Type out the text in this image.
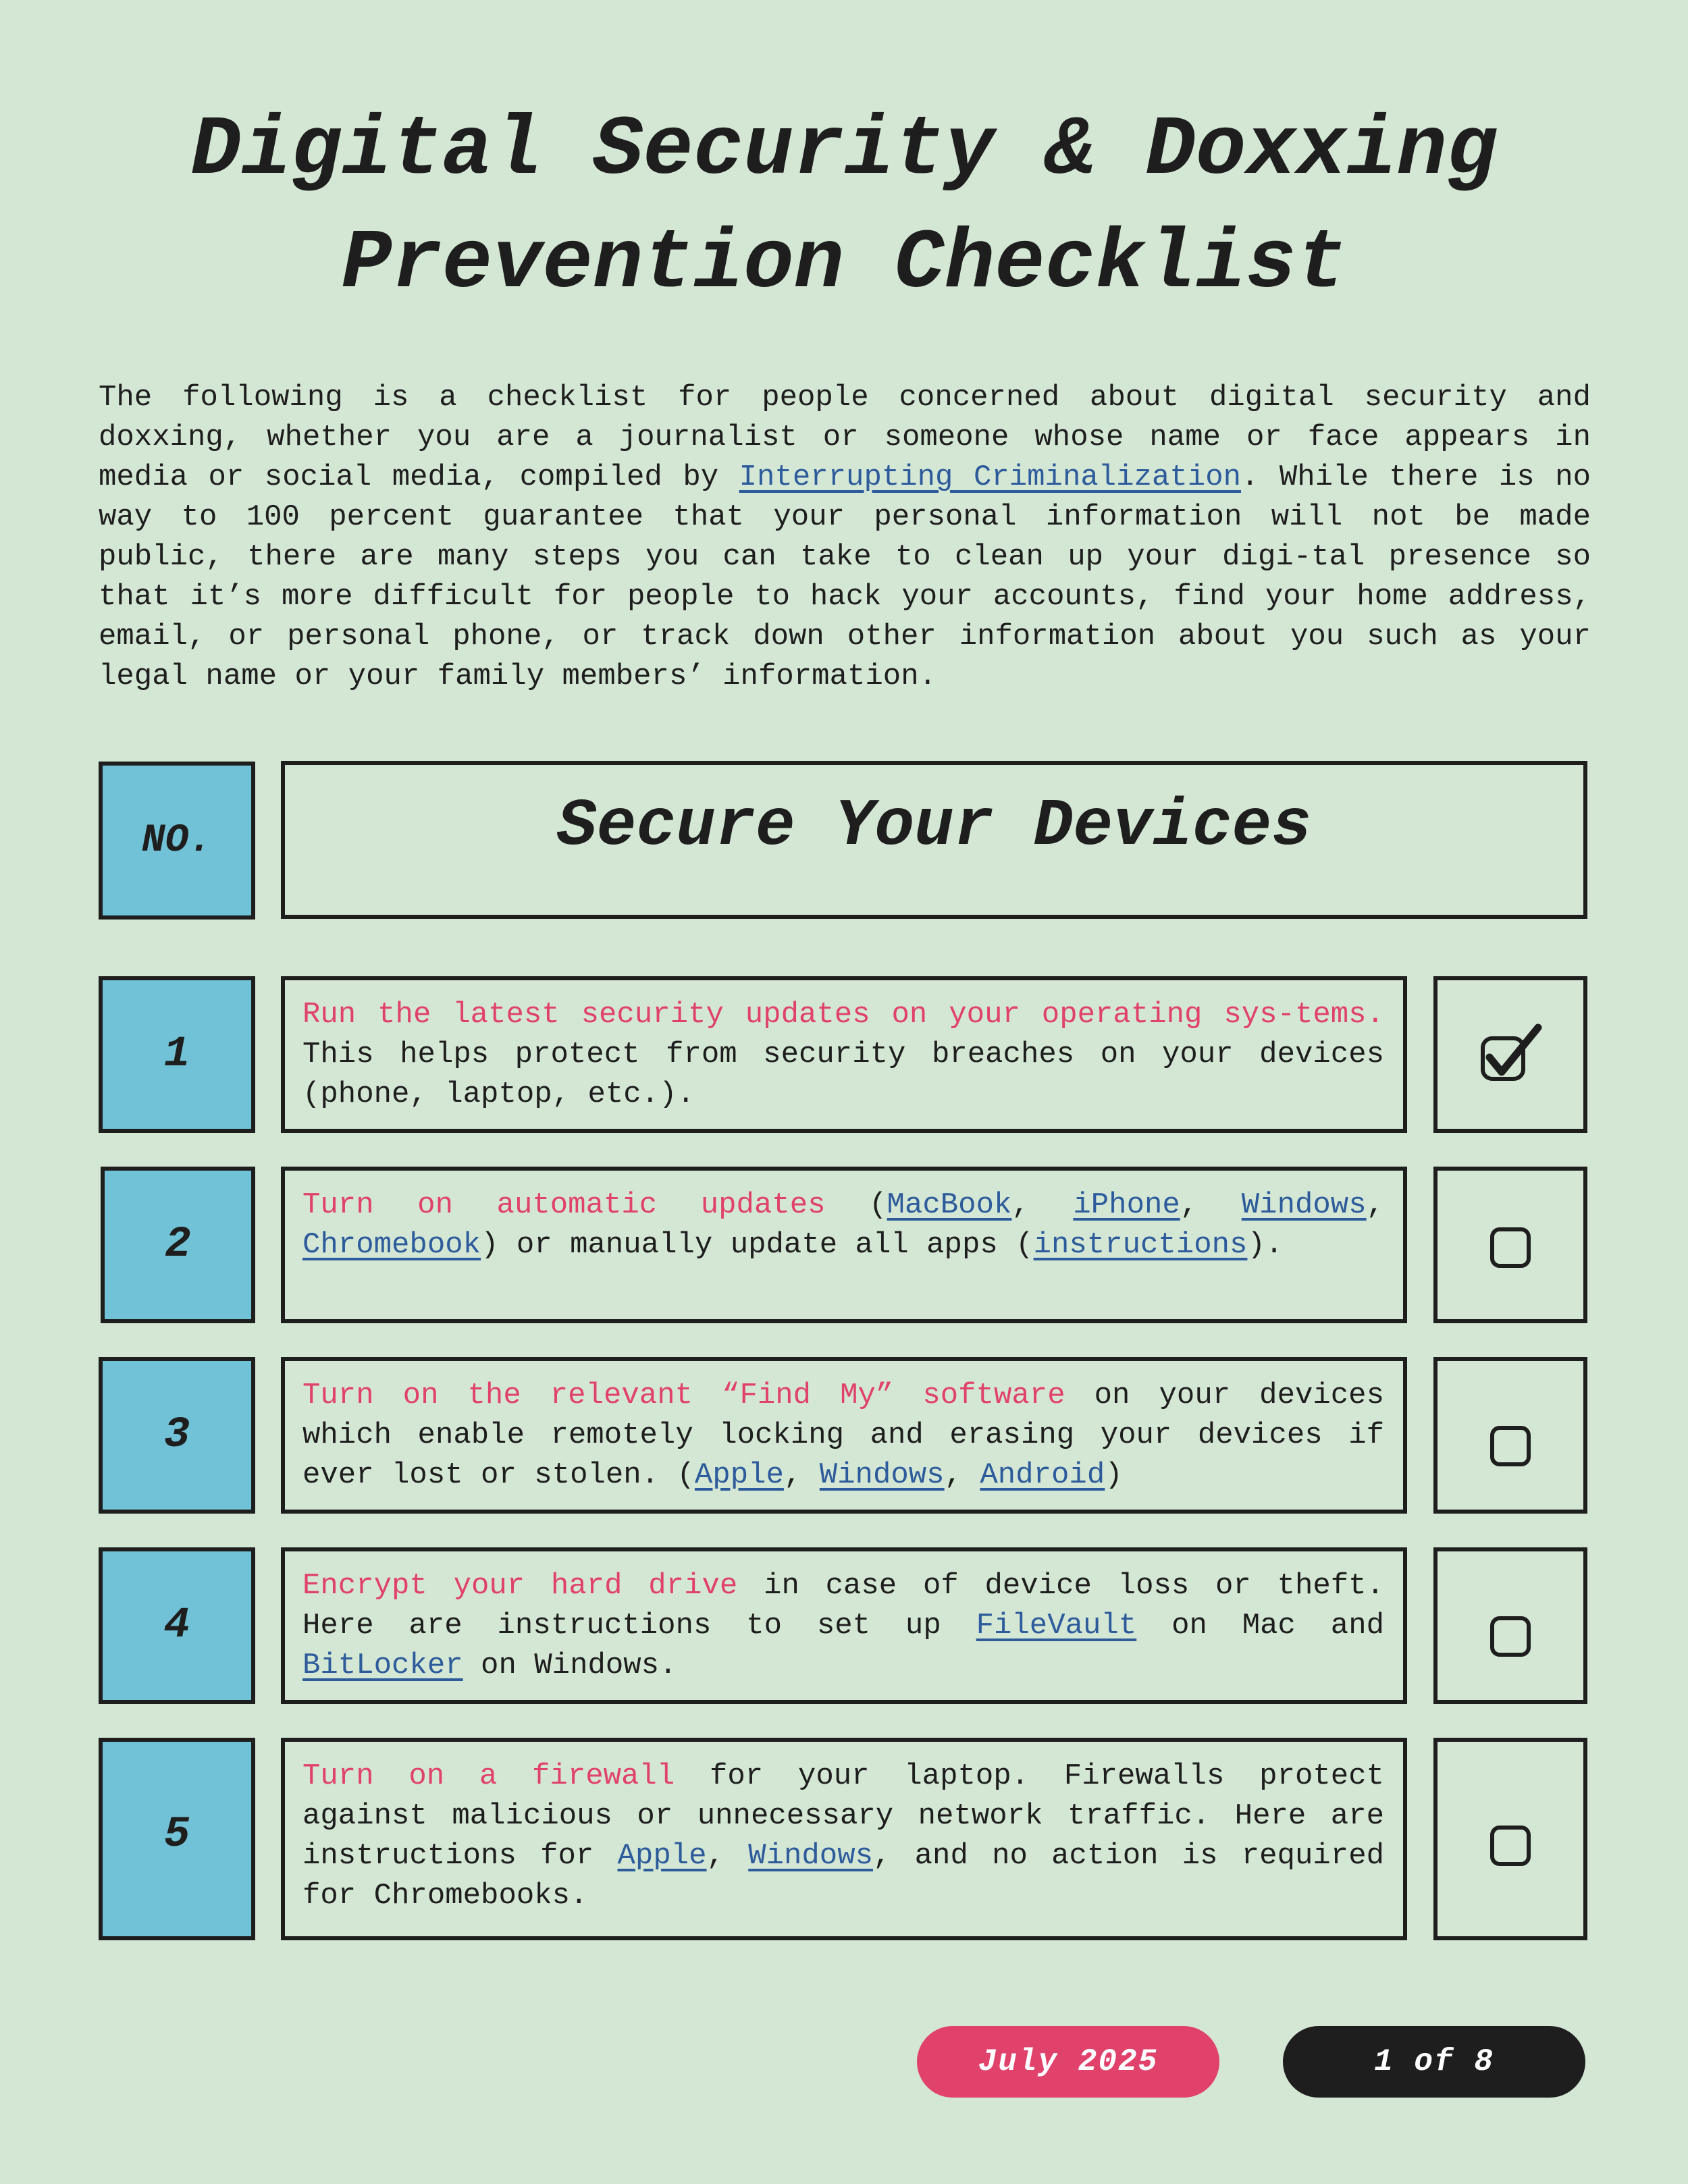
Digital Security & Doxxing
Prevention Checklist

The following is a checklist for people concerned about digital security and doxxing, whether you are a journalist or someone whose name or face appears in media or social media, compiled by Interrupting Criminalization. While there is no way to 100 percent guarantee that your personal information will not be made public, there are many steps you can take to clean up your digi-tal presence so that it’s more difficult for people to hack your accounts, find your home address, email, or personal phone, or track down other information about you such as your legal name or your family members’ information.

NO.	Secure Your Devices
1
Run the latest security updates on your operating sys-tems. This helps protect from security breaches on your devices (phone, laptop, etc.).
2
Turn on automatic updates (MacBook, iPhone, Windows, Chromebook) or manually update all apps (instructions).
3
Turn on the relevant “Find My” software on your devices which enable remotely locking and erasing your devices if ever lost or stolen. (Apple, Windows, Android)
4
Encrypt your hard drive in case of device loss or theft. Here are instructions to set up FileVault on Mac and BitLocker on Windows.
5
Turn on a firewall for your laptop. Firewalls protect against malicious or unnecessary network traffic. Here are instructions for Apple, Windows, and no action is required for Chromebooks.
July 2025	1 of 8
